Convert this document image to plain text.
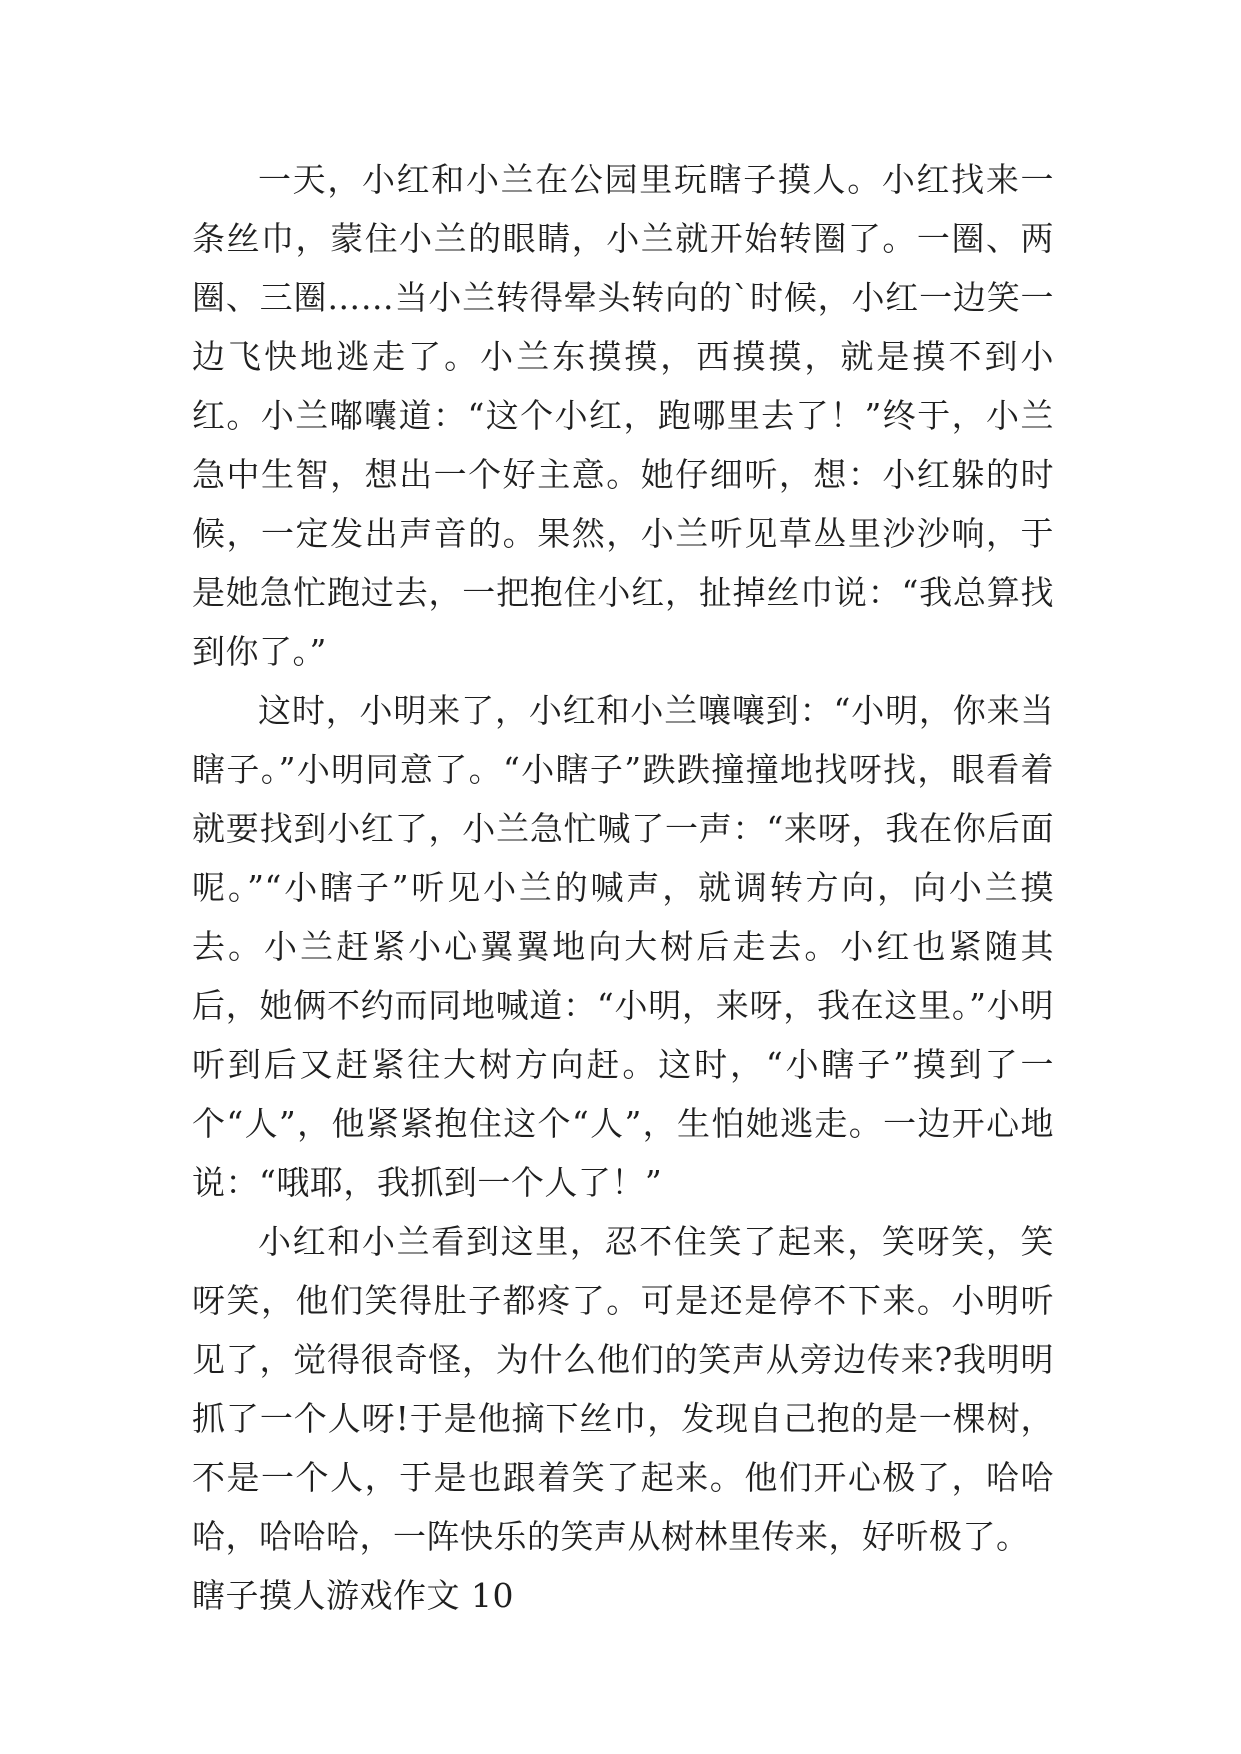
一天，小红和小兰在公园里玩瞎子摸人。小红找来一条丝巾，蒙住小兰的眼睛，小兰就开始转圈了。一圈、两圈、三圈……当小兰转得晕头转向的`时候，小红一边笑一边飞快地逃走了。小兰东摸摸，西摸摸，就是摸不到小红。小兰嘟囔道：“这个小红，跑哪里去了！”终于，小兰急中生智，想出一个好主意。她仔细听，想：小红躲的时候，一定发出声音的。果然，小兰听见草丛里沙沙响，于是她急忙跑过去，一把抱住小红，扯掉丝巾说：“我总算找到你了。”

这时，小明来了，小红和小兰嚷嚷到：“小明，你来当瞎子。”小明同意了。“小瞎子”跌跌撞撞地找呀找，眼看着就要找到小红了，小兰急忙喊了一声：“来呀，我在你后面呢。”“小瞎子”听见小兰的喊声，就调转方向，向小兰摸去。小兰赶紧小心翼翼地向大树后走去。小红也紧随其后，她俩不约而同地喊道：“小明，来呀，我在这里。”小明听到后又赶紧往大树方向赶。这时，“小瞎子”摸到了一个“人”，他紧紧抱住这个“人”，生怕她逃走。一边开心地说：“哦耶，我抓到一个人了！”

小红和小兰看到这里，忍不住笑了起来，笑呀笑，笑呀笑，他们笑得肚子都疼了。可是还是停不下来。小明听见了，觉得很奇怪，为什么他们的笑声从旁边传来?我明明抓了一个人呀!于是他摘下丝巾，发现自己抱的是一棵树，不是一个人，于是也跟着笑了起来。他们开心极了，哈哈哈，哈哈哈，一阵快乐的笑声从树林里传来，好听极了。

瞎子摸人游戏作文 10
